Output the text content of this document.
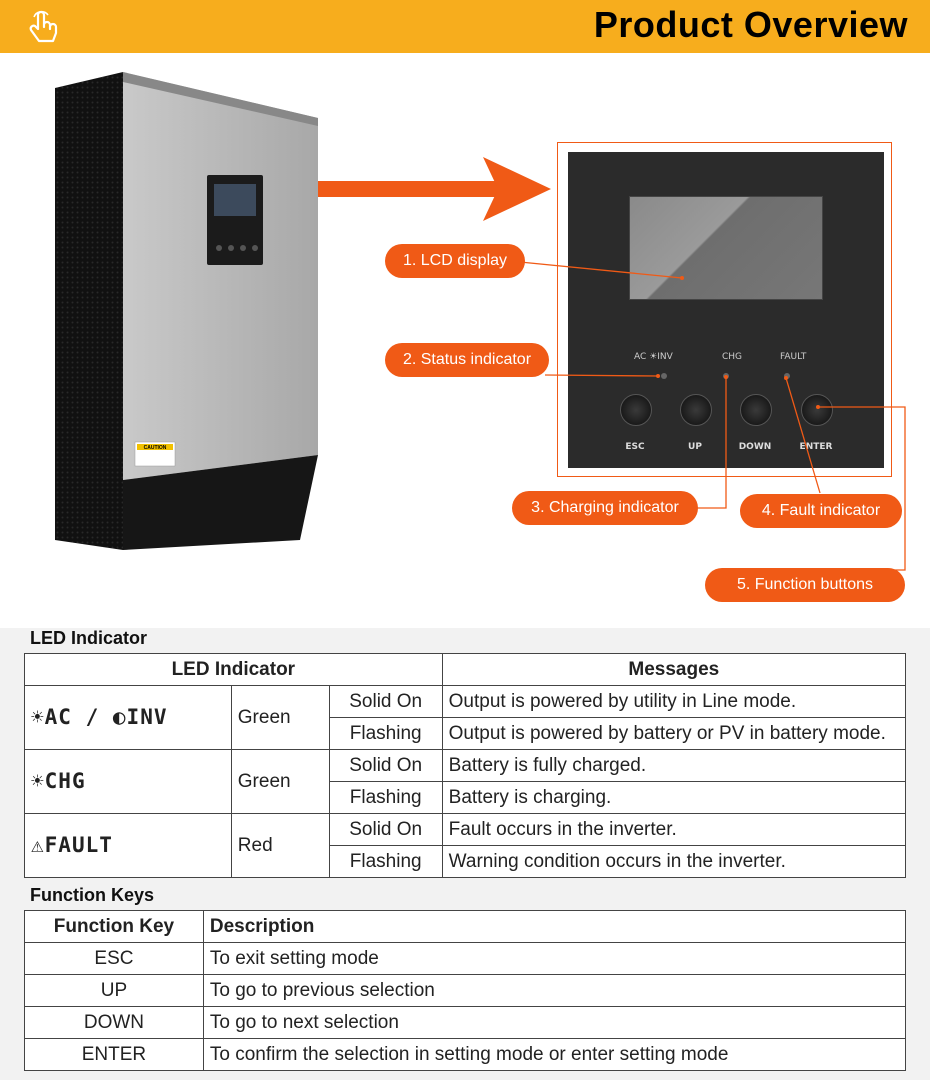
Product Overview
CAUTION
AC ☀INV	CHG	FAULT
ESC	UP	DOWN	ENTER
1. LCD display
2. Status indicator
3. Charging indicator	4. Fault indicator
5. Function buttons
LED Indicator
LED Indicator			Messages
☀AC / ◐INV	Green	Solid On	Output is powered by utility in Line mode.
		Flashing	Output is powered by battery or PV in battery mode.
☀CHG	Green	Solid On	Battery is fully charged.
		Flashing	Battery is charging.
⚠FAULT	Red	Solid On	Fault occurs in the inverter.
		Flashing	Warning condition occurs in the inverter.
Function Keys
Function Key	Description
ESC	To exit setting mode
UP	To go to previous selection
DOWN	To go to next selection
ENTER	To confirm the selection in setting mode or enter setting mode
